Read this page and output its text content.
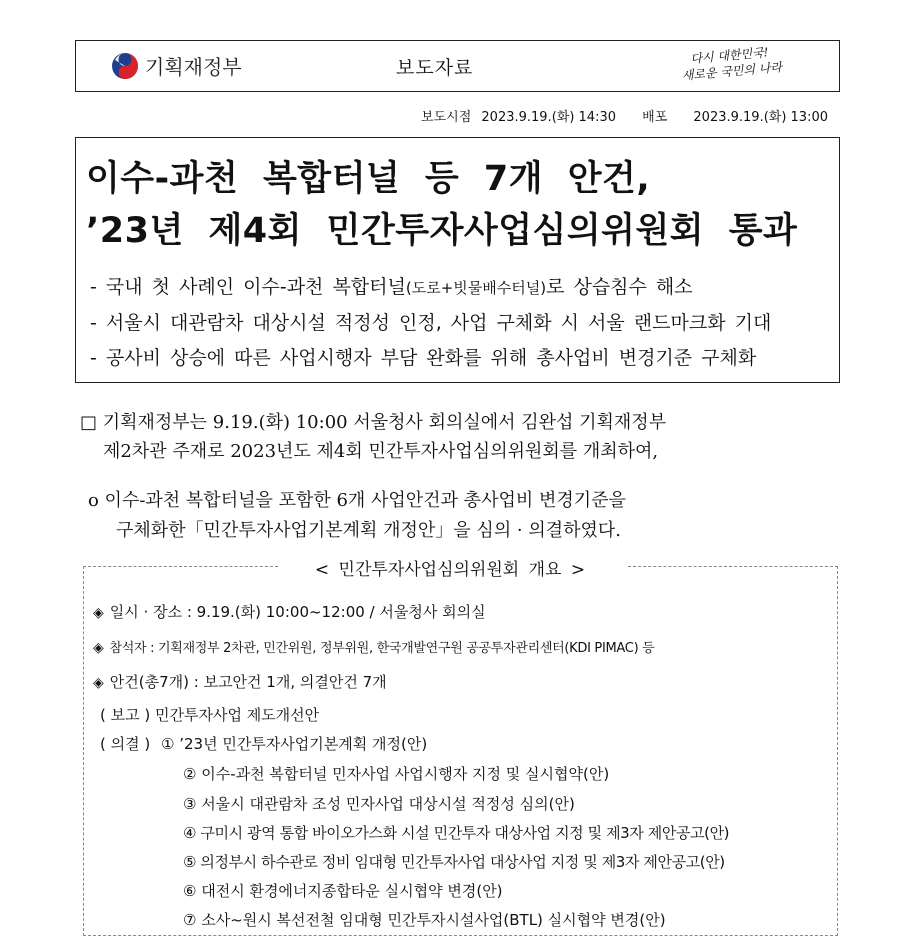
기획재정부	보도자료
다시 대한민국!
새로운 국민의 나라
보도시점 2023.9.19.(화) 14:30 배포 2023.9.19.(화) 13:00
이수-과천 복합터널 등 7개 안건,
’23년 제4회 민간투자사업심의위원회 통과
- 국내 첫 사례인 이수-과천 복합터널(도로+빗물배수터널)로 상습침수 해소
- 서울시 대관람차 대상시설 적정성 인정, 사업 구체화 시 서울 랜드마크화 기대
- 공사비 상승에 따른 사업시행자 부담 완화를 위해 총사업비 변경기준 구체화
□ 기획재정부는 9.19.(화) 10:00 서울청사 회의실에서 김완섭 기획재정부
제2차관 주재로 2023년도 제4회 민간투자사업심의위원회를 개최하여,
o 이수-과천 복합터널을 포함한 6개 사업안건과 총사업비 변경기준을
구체화한「민간투자사업기본계획 개정안」을 심의 · 의결하였다.
< 민간투자사업심의위원회 개요 >
◈ 일시 · 장소 : 9.19.(화) 10:00~12:00 / 서울청사 회의실
◈ 참석자 : 기획재정부 2차관, 민간위원, 정부위원, 한국개발연구원 공공투자관리센터(KDI PIMAC) 등
◈ 안건(총7개) : 보고안건 1개, 의결안건 7개
( 보고 ) 민간투자사업 제도개선안
( 의결 ) ① ’23년 민간투자사업기본계획 개정(안)
② 이수-과천 복합터널 민자사업 사업시행자 지정 및 실시협약(안)
③ 서울시 대관람차 조성 민자사업 대상시설 적정성 심의(안)
④ 구미시 광역 통합 바이오가스화 시설 민간투자 대상사업 지정 및 제3자 제안공고(안)
⑤ 의정부시 하수관로 정비 임대형 민간투자사업 대상사업 지정 및 제3자 제안공고(안)
⑥ 대전시 환경에너지종합타운 실시협약 변경(안)
⑦ 소사~원시 복선전철 임대형 민간투자시설사업(BTL) 실시협약 변경(안)
